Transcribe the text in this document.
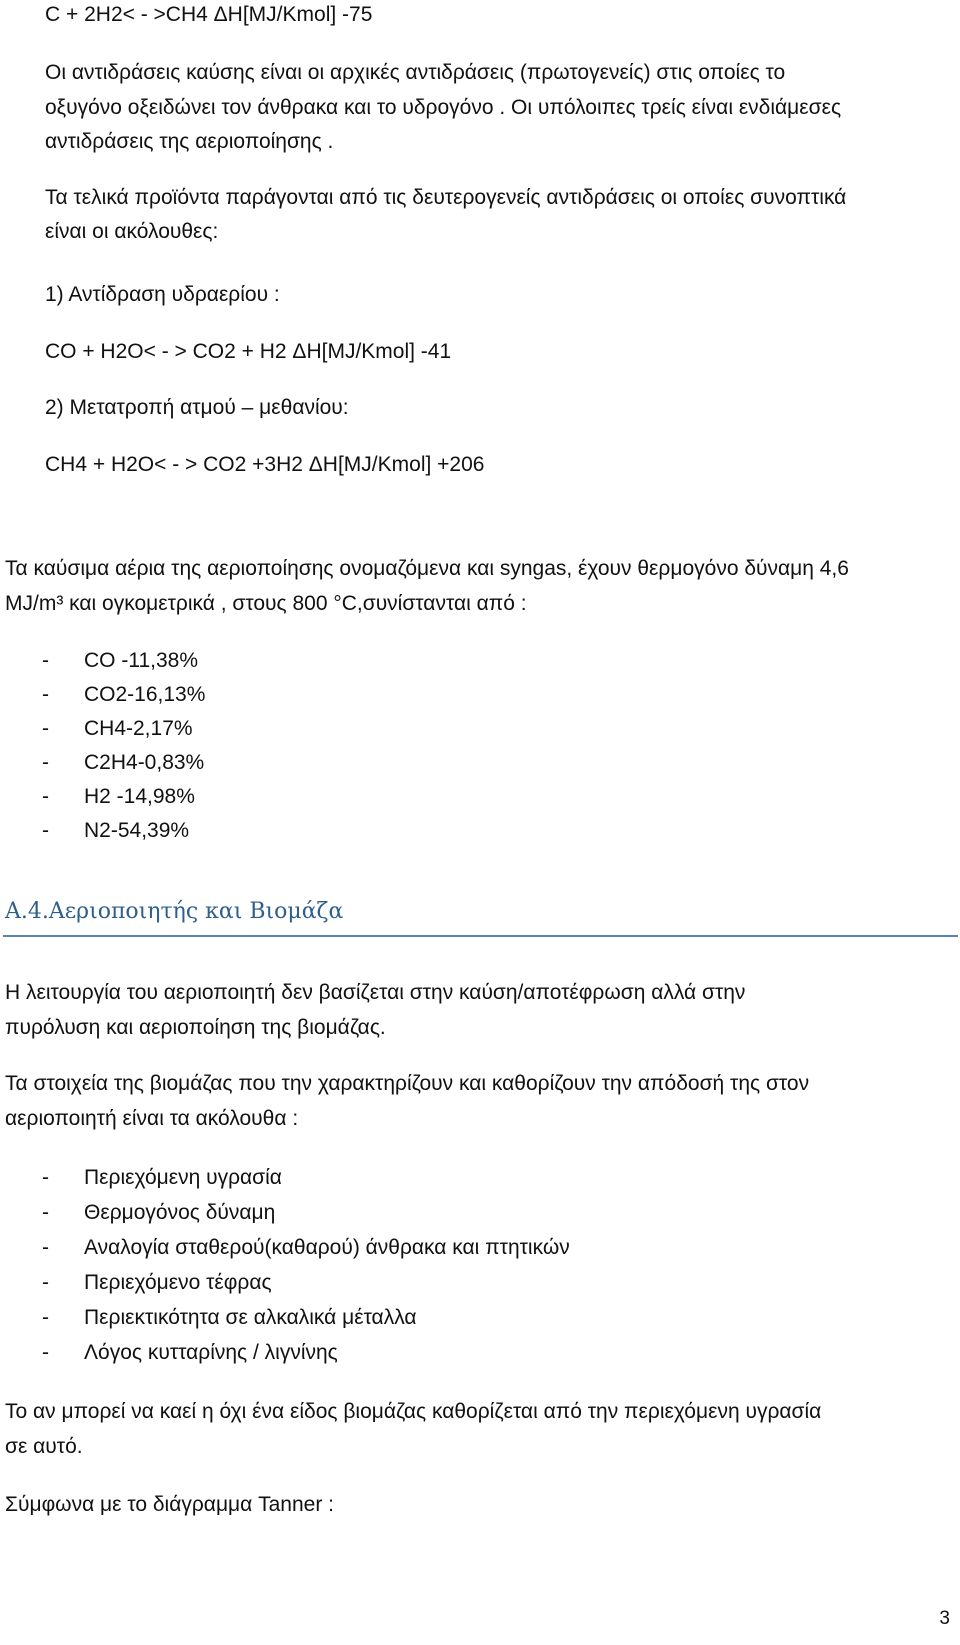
C + 2H2< - >CH4 ΔH[MJ/Kmol] -75
Οι αντιδράσεις καύσης είναι οι αρχικές αντιδράσεις (πρωτογενείς) στις οποίες το
οξυγόνο οξειδώνει τον άνθρακα και το υδρογόνο . Οι υπόλοιπες τρείς είναι ενδιάμεσες
αντιδράσεις της αεριοποίησης .
Τα τελικά προϊόντα παράγονται από τις δευτερογενείς αντιδράσεις οι οποίες συνοπτικά
είναι οι ακόλουθες:
1) Αντίδραση υδραερίου :
CO + H2O< - > CO2 + H2 ΔH[MJ/Kmol] -41
2) Μετατροπή ατμού – μεθανίου:
CH4 + H2O< - > CO2 +3H2 ΔH[MJ/Kmol] +206
Τα καύσιμα αέρια της αεριοποίησης ονομαζόμενα και syngas, έχουν θερμογόνο δύναμη 4,6
MJ/m³ και ογκομετρικά , στους 800 °C,συνίστανται από :
- CO -11,38%
- CO2-16,13%
- CH4-2,17%
- C2H4-0,83%
- H2 -14,98%
- N2-54,39%
A.4.Αεριοποιητής και Βιομάζα
Η λειτουργία του αεριοποιητή δεν βασίζεται στην καύση/αποτέφρωση αλλά στην
πυρόλυση και αεριοποίηση της βιομάζας.
Τα στοιχεία της βιομάζας που την χαρακτηρίζουν και καθορίζουν την απόδοσή της στον
αεριοποιητή είναι τα ακόλουθα :
- Περιεχόμενη υγρασία
- Θερμογόνος δύναμη
- Αναλογία σταθερού(καθαρού) άνθρακα και πτητικών
- Περιεχόμενο τέφρας
- Περιεκτικότητα σε αλκαλικά μέταλλα
- Λόγος κυτταρίνης / λιγνίνης
Το αν μπορεί να καεί η όχι ένα είδος βιομάζας καθορίζεται από την περιεχόμενη υγρασία
σε αυτό.
Σύμφωνα με το διάγραμμα Tanner :
3
